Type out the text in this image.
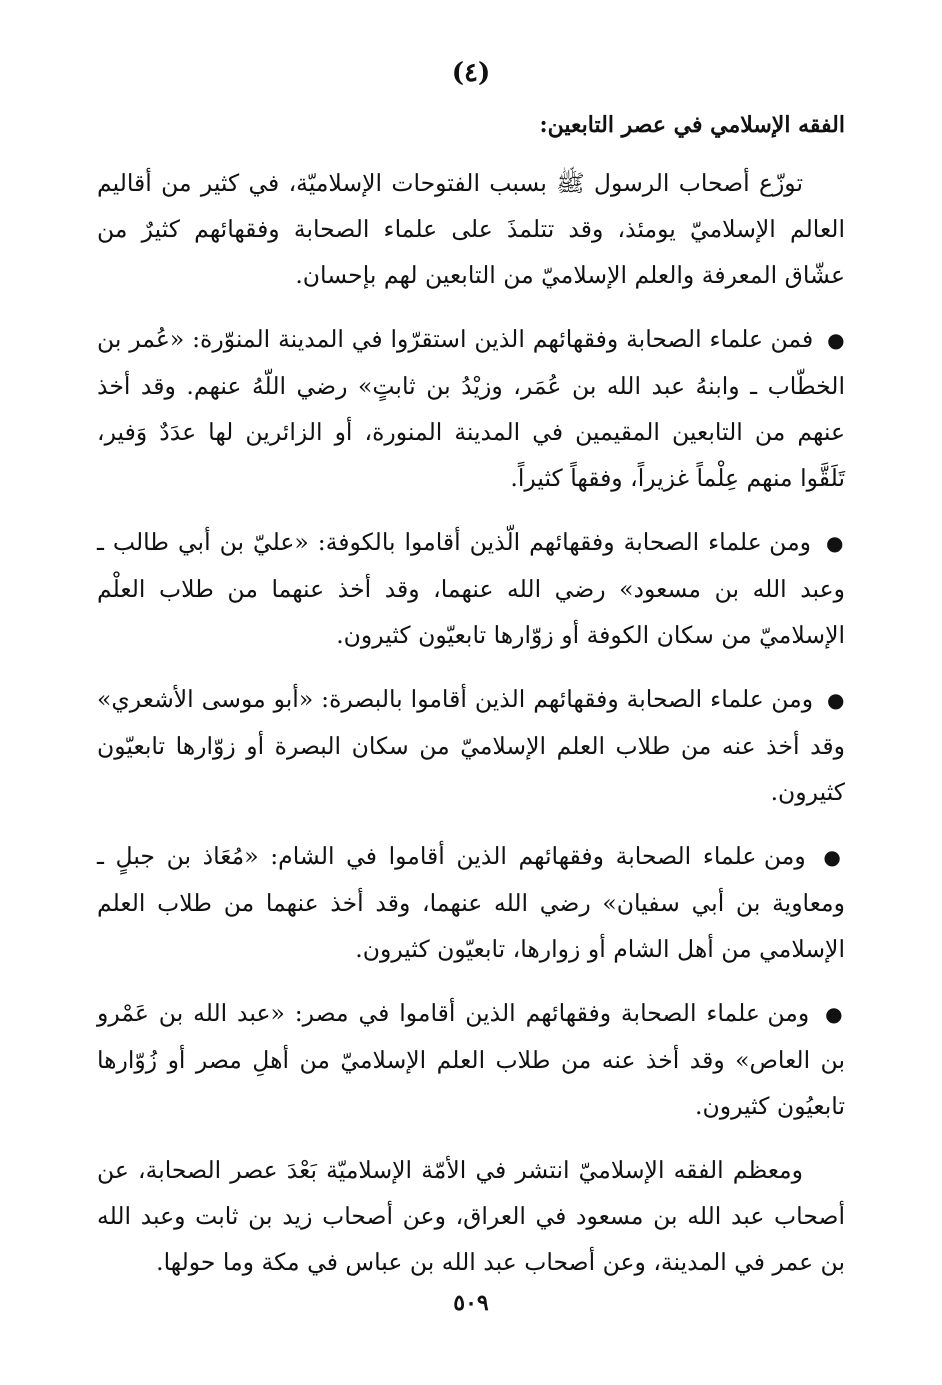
(٤)
الفقه الإسلامي في عصر التابعين:

توزّع أصحاب الرسول ﷺ بسبب الفتوحات الإسلاميّة، في كثير من أقاليم العالم الإسلاميّ يومئذ، وقد تتلمذَ على علماء الصحابة وفقهائهم كثيرٌ من عشّاق المعرفة والعلم الإسلاميّ من التابعين لهم بإحسان.

● فمن علماء الصحابة وفقهائهم الذين استقرّوا في المدينة المنوّرة: «عُمر بن الخطّاب ـ وابنهُ عبد الله بن عُمَر، وزيْدُ بن ثابتٍ» رضي اللّهُ عنهم. وقد أخذ عنهم من التابعين المقيمين في المدينة المنورة، أو الزائرين لها عدَدٌ وَفير، تَلَقَّوا منهم عِلْماً غزيراً، وفقهاً كثيراً.

● ومن علماء الصحابة وفقهائهم الّذين أقاموا بالكوفة: «عليّ بن أبي طالب ـ وعبد الله بن مسعود» رضي الله عنهما، وقد أخذ عنهما من طلاب العلْم الإسلاميّ من سكان الكوفة أو زوّارها تابعيّون كثيرون.

● ومن علماء الصحابة وفقهائهم الذين أقاموا بالبصرة: «أبو موسى الأشعري» وقد أخذ عنه من طلاب العلم الإسلاميّ من سكان البصرة أو زوّارها تابعيّون كثيرون.

● ومن علماء الصحابة وفقهائهم الذين أقاموا في الشام: «مُعَاذ بن جبلٍ ـ ومعاوية بن أبي سفيان» رضي الله عنهما، وقد أخذ عنهما من طلاب العلم الإسلامي من أهل الشام أو زوارها، تابعيّون كثيرون.

● ومن علماء الصحابة وفقهائهم الذين أقاموا في مصر: «عبد الله بن عَمْرو بن العاص» وقد أخذ عنه من طلاب العلم الإسلاميّ من أهلِ مصر أو زُوّارها تابعيُون كثيرون.

ومعظم الفقه الإسلاميّ انتشر في الأمّة الإسلاميّة بَعْدَ عصر الصحابة، عن أصحاب عبد الله بن مسعود في العراق، وعن أصحاب زيد بن ثابت وعبد الله بن عمر في المدينة، وعن أصحاب عبد الله بن عباس في مكة وما حولها.

٥٠٩
